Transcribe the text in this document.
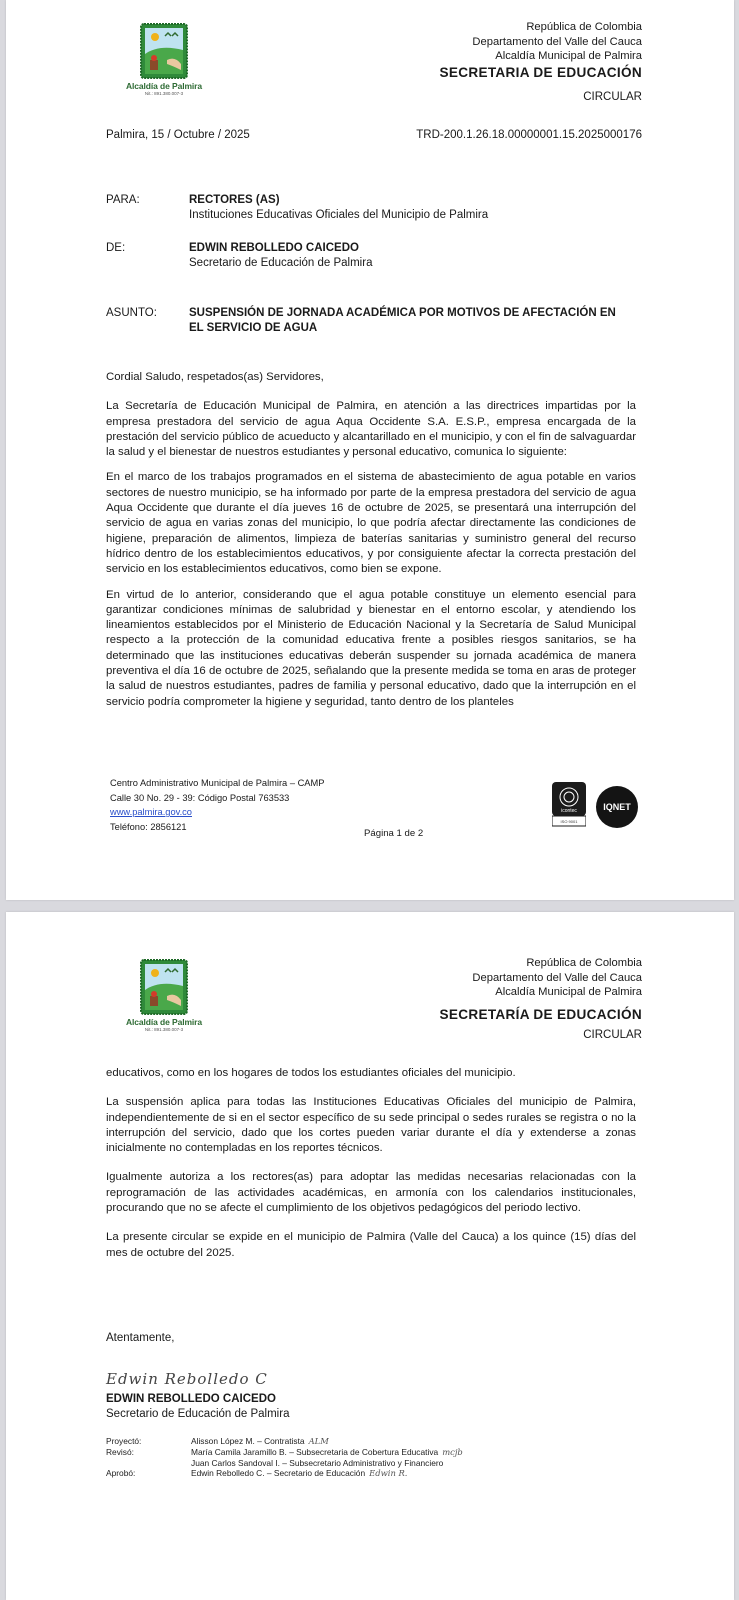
Alcaldía de Palmira
Nit.: 891.380.007-3
República de Colombia
Departamento del Valle del Cauca
Alcaldía Municipal de Palmira
SECRETARIA DE EDUCACIÓN
CIRCULAR
Palmira, 15 / Octubre / 2025	TRD-200.1.26.18.00000001.15.2025000176
PARA:	RECTORES (AS)
Instituciones Educativas Oficiales del Municipio de Palmira
DE:	EDWIN REBOLLEDO CAICEDO
Secretario de Educación de Palmira
ASUNTO:	SUSPENSIÓN DE JORNADA ACADÉMICA POR MOTIVOS DE AFECTACIÓN EN EL SERVICIO DE AGUA

Cordial Saludo, respetados(as) Servidores,

La Secretaría de Educación Municipal de Palmira, en atención a las directrices impartidas por la empresa prestadora del servicio de agua Aqua Occidente S.A. E.S.P., empresa encargada de la prestación del servicio público de acueducto y alcantarillado en el municipio, y con el fin de salvaguardar la salud y el bienestar de nuestros estudiantes y personal educativo, comunica lo siguiente:

En el marco de los trabajos programados en el sistema de abastecimiento de agua potable en varios sectores de nuestro municipio, se ha informado por parte de la empresa prestadora del servicio de agua Aqua Occidente que durante el día jueves 16 de octubre de 2025, se presentará una interrupción del servicio de agua en varias zonas del municipio, lo que podría afectar directamente las condiciones de higiene, preparación de alimentos, limpieza de baterías sanitarias y suministro general del recurso hídrico dentro de los establecimientos educativos, y por consiguiente afectar la correcta prestación del servicio en los establecimientos educativos, como bien se expone.

En virtud de lo anterior, considerando que el agua potable constituye un elemento esencial para garantizar condiciones mínimas de salubridad y bienestar en el entorno escolar, y atendiendo los lineamientos establecidos por el Ministerio de Educación Nacional y la Secretaría de Salud Municipal respecto a la protección de la comunidad educativa frente a posibles riesgos sanitarios, se ha determinado que las instituciones educativas deberán suspender su jornada académica de manera preventiva el día 16 de octubre de 2025, señalando que la presente medida se toma en aras de proteger la salud de nuestros estudiantes, padres de familia y personal educativo, dado que la interrupción en el servicio podría comprometer la higiene y seguridad, tanto dentro de los planteles

Centro Administrativo Municipal de Palmira – CAMP
Calle 30 No. 29 - 39: Código Postal 763533
www.palmira.gov.co
Teléfono: 2856121
Página 1 de 2
icontec
ISO 9001
IQNET
Alcaldía de Palmira
Nit.: 891.380.007-3
República de Colombia
Departamento del Valle del Cauca
Alcaldía Municipal de Palmira
SECRETARÍA DE EDUCACIÓN
CIRCULAR

educativos, como en los hogares de todos los estudiantes oficiales del municipio.

La suspensión aplica para todas las Instituciones Educativas Oficiales del municipio de Palmira, independientemente de si en el sector específico de su sede principal o sedes rurales se registra o no la interrupción del servicio, dado que los cortes pueden variar durante el día y extenderse a zonas inicialmente no contempladas en los reportes técnicos.

Igualmente autoriza a los rectores(as) para adoptar las medidas necesarias relacionadas con la reprogramación de las actividades académicas, en armonía con los calendarios institucionales, procurando que no se afecte el cumplimiento de los objetivos pedagógicos del periodo lectivo.

La presente circular se expide en el municipio de Palmira (Valle del Cauca) a los quince (15) días del mes de octubre del 2025.

Atentamente,
Edwin Rebolledo C
EDWIN REBOLLEDO CAICEDO
Secretario de Educación de Palmira
Proyectó:	Alisson López M. – Contratista ALM
Revisó:	María Camila Jaramillo B. – Subsecretaria de Cobertura Educativa mcjb
Juan Carlos Sandoval I. – Subsecretario Administrativo y Financiero
Aprobó:	Edwin Rebolledo C. – Secretario de Educación Edwin R.
